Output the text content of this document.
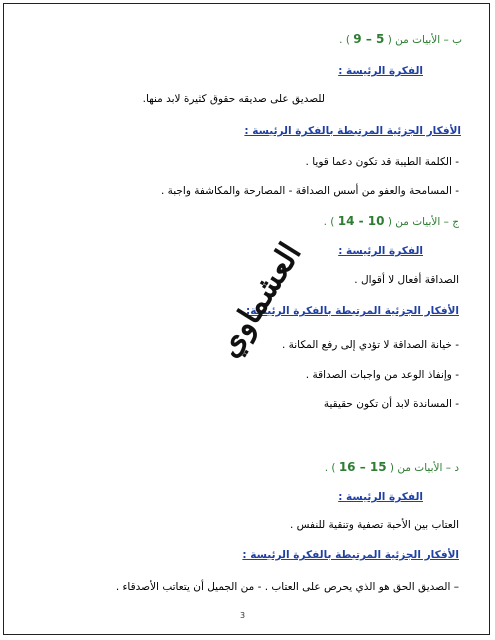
ب – الأبيات من ( 5 – 9 ) .
الفكرة الرئيسة :
للصديق على صديقه حقوق كثيرة لابد منها.
الأفكار الجزئية المرتبطة بالفكرة الرئيسة :
- الكلمة الطيبة قد تكون دعما قويا .
- المسامحة والعفو من أسس الصداقة - المصارحة والمكاشفة واجبة .
ج – الأبيات من ( 10 - 14 ) .
الفكرة الرئيسة :
الصداقة أفعال لا أقوال .
الأفكار الجزئية المرتبطة بالفكرة الرئيسة:
- خيانة الصداقة لا تؤدي إلى رفع المكانة .
- وإنفاذ الوعد من واجبات الصداقة .
- المساندة لابد أن تكون حقيقية
العشماوي
د – الأبيات من ( 15 – 16 ) .
الفكرة الرئيسة :
العتاب بين الأحبة تصفية وتنقية للنفس .
الأفكار الجزئية المرتبطة بالفكرة الرئيسة :
– الصديق الحق هو الذي يحرص على العتاب . - من الجميل أن يتعاتب الأصدقاء .
3
